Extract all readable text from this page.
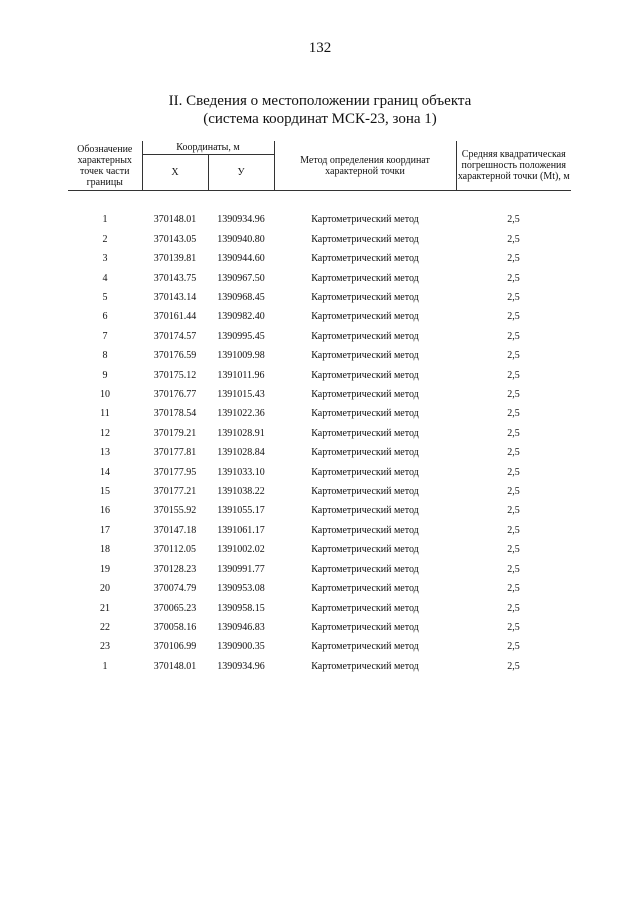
132
II. Сведения о местоположении границ объекта
(система координат МСК-23, зона 1)
Обозначение характерных точек части границы	Координаты, м		Метод определения координат характерной точки	Средняя квадратическая погрешность положения характерной точки (Mt), м
	X	У		

1	370148.01	1390934.96	Картометрический метод	2,5
2	370143.05	1390940.80	Картометрический метод	2,5
3	370139.81	1390944.60	Картометрический метод	2,5
4	370143.75	1390967.50	Картометрический метод	2,5
5	370143.14	1390968.45	Картометрический метод	2,5
6	370161.44	1390982.40	Картометрический метод	2,5
7	370174.57	1390995.45	Картометрический метод	2,5
8	370176.59	1391009.98	Картометрический метод	2,5
9	370175.12	1391011.96	Картометрический метод	2,5
10	370176.77	1391015.43	Картометрический метод	2,5
11	370178.54	1391022.36	Картометрический метод	2,5
12	370179.21	1391028.91	Картометрический метод	2,5
13	370177.81	1391028.84	Картометрический метод	2,5
14	370177.95	1391033.10	Картометрический метод	2,5
15	370177.21	1391038.22	Картометрический метод	2,5
16	370155.92	1391055.17	Картометрический метод	2,5
17	370147.18	1391061.17	Картометрический метод	2,5
18	370112.05	1391002.02	Картометрический метод	2,5
19	370128.23	1390991.77	Картометрический метод	2,5
20	370074.79	1390953.08	Картометрический метод	2,5
21	370065.23	1390958.15	Картометрический метод	2,5
22	370058.16	1390946.83	Картометрический метод	2,5
23	370106.99	1390900.35	Картометрический метод	2,5
1	370148.01	1390934.96	Картометрический метод	2,5
